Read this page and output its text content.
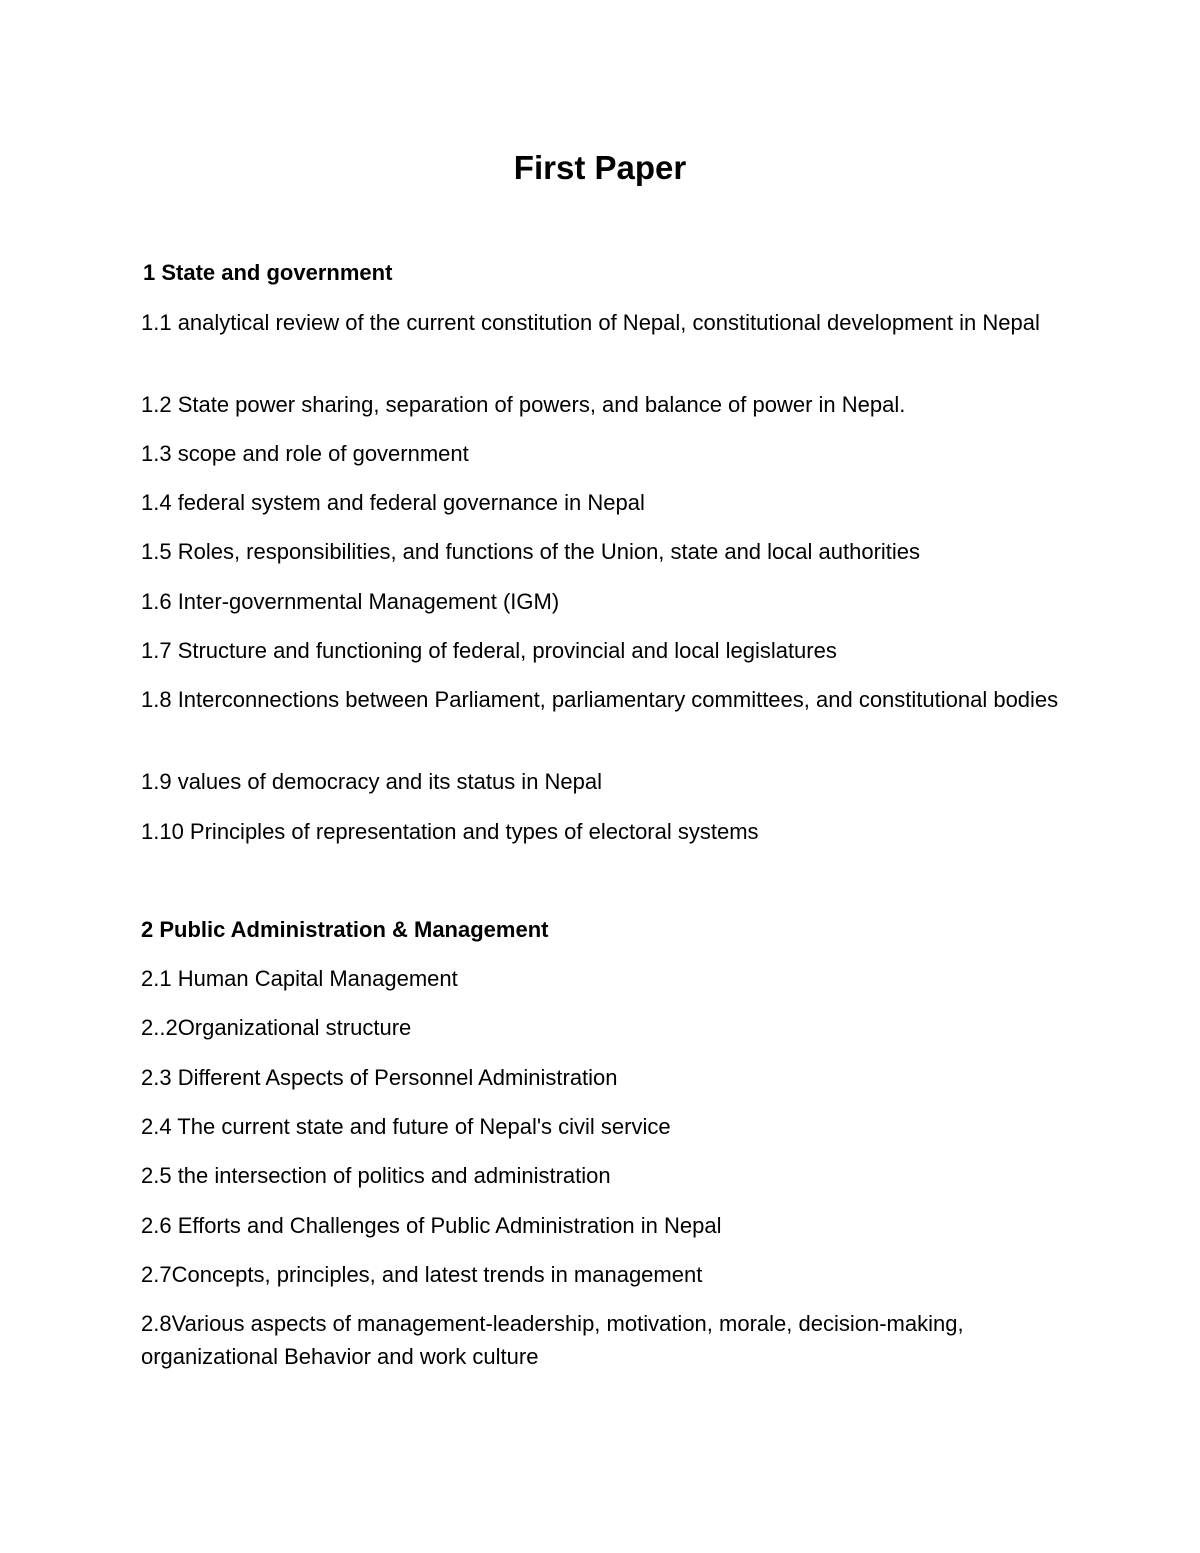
First Paper

1 State and government

1.1 analytical review of the current constitution of Nepal, constitutional development in Nepal

1.2 State power sharing, separation of powers, and balance of power in Nepal.

1.3 scope and role of government

1.4 federal system and federal governance in Nepal

1.5 Roles, responsibilities, and functions of the Union, state and local authorities

1.6 Inter-governmental Management (IGM)

1.7 Structure and functioning of federal, provincial and local legislatures

1.8 Interconnections between Parliament, parliamentary committees, and constitutional bodies

1.9 values of democracy and its status in Nepal

1.10 Principles of representation and types of electoral systems

2 Public Administration & Management

2.1 Human Capital Management

2..2Organizational structure

2.3 Different Aspects of Personnel Administration

2.4 The current state and future of Nepal's civil service

2.5 the intersection of politics and administration

2.6 Efforts and Challenges of Public Administration in Nepal

2.7Concepts, principles, and latest trends in management

2.8Various aspects of management-leadership, motivation, morale, decision-making, organizational Behavior and work culture
